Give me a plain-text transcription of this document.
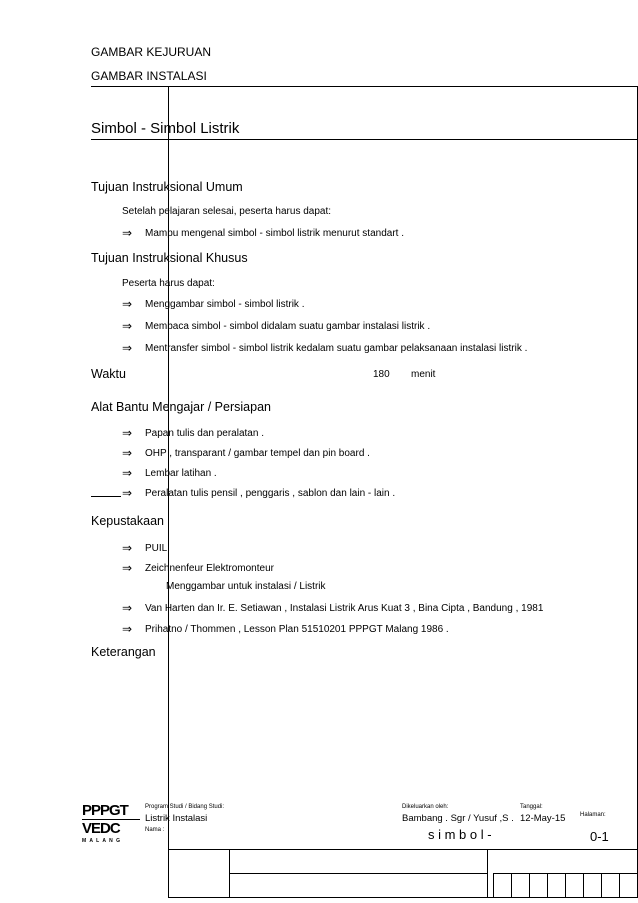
GAMBAR KEJURUAN
GAMBAR INSTALASI
Simbol - Simbol Listrik
Tujuan Instruksional Umum
Setelah pelajaran selesai, peserta harus dapat:
⇒ Mampu mengenal simbol - simbol listrik menurut standart .
Tujuan Instruksional Khusus
Peserta harus dapat:
⇒ Menggambar simbol - simbol listrik .
⇒ Membaca simbol - simbol didalam suatu gambar instalasi listrik .
⇒ Mentransfer simbol - simbol listrik kedalam suatu gambar pelaksanaan instalasi listrik .
Waktu	180 menit
Alat Bantu Mengajar / Persiapan
⇒ Papan tulis dan peralatan .
⇒ OHP , transparant / gambar tempel dan pin board .
⇒ Lembar latihan .
⇒ Peralatan tulis pensil , penggaris , sablon dan lain - lain .
Kepustakaan
⇒ PUIL
⇒ Zeichnenfeur Elektromonteur
Menggambar untuk instalasi / Listrik
⇒ Van Harten dan Ir. E. Setiawan , Instalasi Listrik Arus Kuat 3 , Bina Cipta , Bandung , 1981
⇒ Prihatno / Thommen , Lesson Plan 51510201 PPPGT Malang 1986 .
Keterangan
PPPGT
VEDC
M A L A N G
Program Studi / Bidang Studi:
Listrik Instalasi
Nama :
Dikeluarkan oleh:
Bambang . Sgr / Yusuf ,S .
Tanggal:
12-May-15 Halaman:
s i m b o l -	0-1
